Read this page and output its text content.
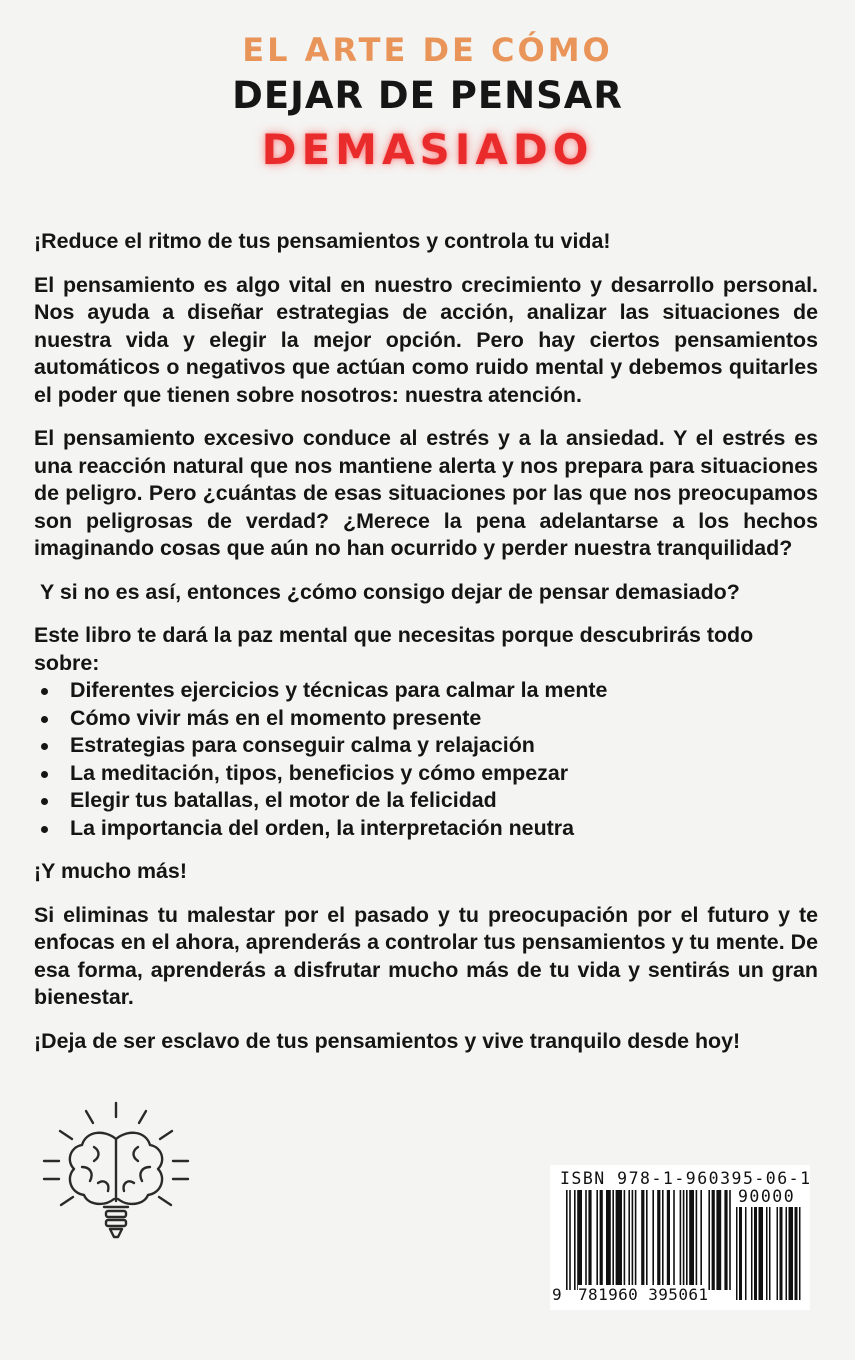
EL ARTE DE CÓMO
DEJAR DE PENSAR
DEMASIADO

¡Reduce el ritmo de tus pensamientos y controla tu vida!

El pensamiento es algo vital en nuestro crecimiento y desarrollo personal. Nos ayuda a diseñar estrategias de acción, analizar las situaciones de nuestra vida y elegir la mejor opción. Pero hay ciertos pensamientos automáticos o negativos que actúan como ruido mental y debemos quitarles el poder que tienen sobre nosotros: nuestra atención.

El pensamiento excesivo conduce al estrés y a la ansiedad. Y el estrés es una reacción natural que nos mantiene alerta y nos prepara para situaciones de peligro. Pero ¿cuántas de esas situaciones por las que nos preocupamos son peligrosas de verdad? ¿Merece la pena adelantarse a los hechos imaginando cosas que aún no han ocurrido y perder nuestra tranquilidad?

Y si no es así, entonces ¿cómo consigo dejar de pensar demasiado?

Este libro te dará la paz mental que necesitas porque descubrirás todo sobre:

Diferentes ejercicios y técnicas para calmar la mente
Cómo vivir más en el momento presente
Estrategias para conseguir calma y relajación
La meditación, tipos, beneficios y cómo empezar
Elegir tus batallas, el motor de la felicidad
La importancia del orden, la interpretación neutra

¡Y mucho más!

Si eliminas tu malestar por el pasado y tu preocupación por el futuro y te enfocas en el ahora, aprenderás a controlar tus pensamientos y tu mente. De esa forma, aprenderás a disfrutar mucho más de tu vida y sentirás un gran bienestar.

¡Deja de ser esclavo de tus pensamientos y vive tranquilo desde hoy!

ISBN 978-1-960395-06-1
90000
9 781960 395061
